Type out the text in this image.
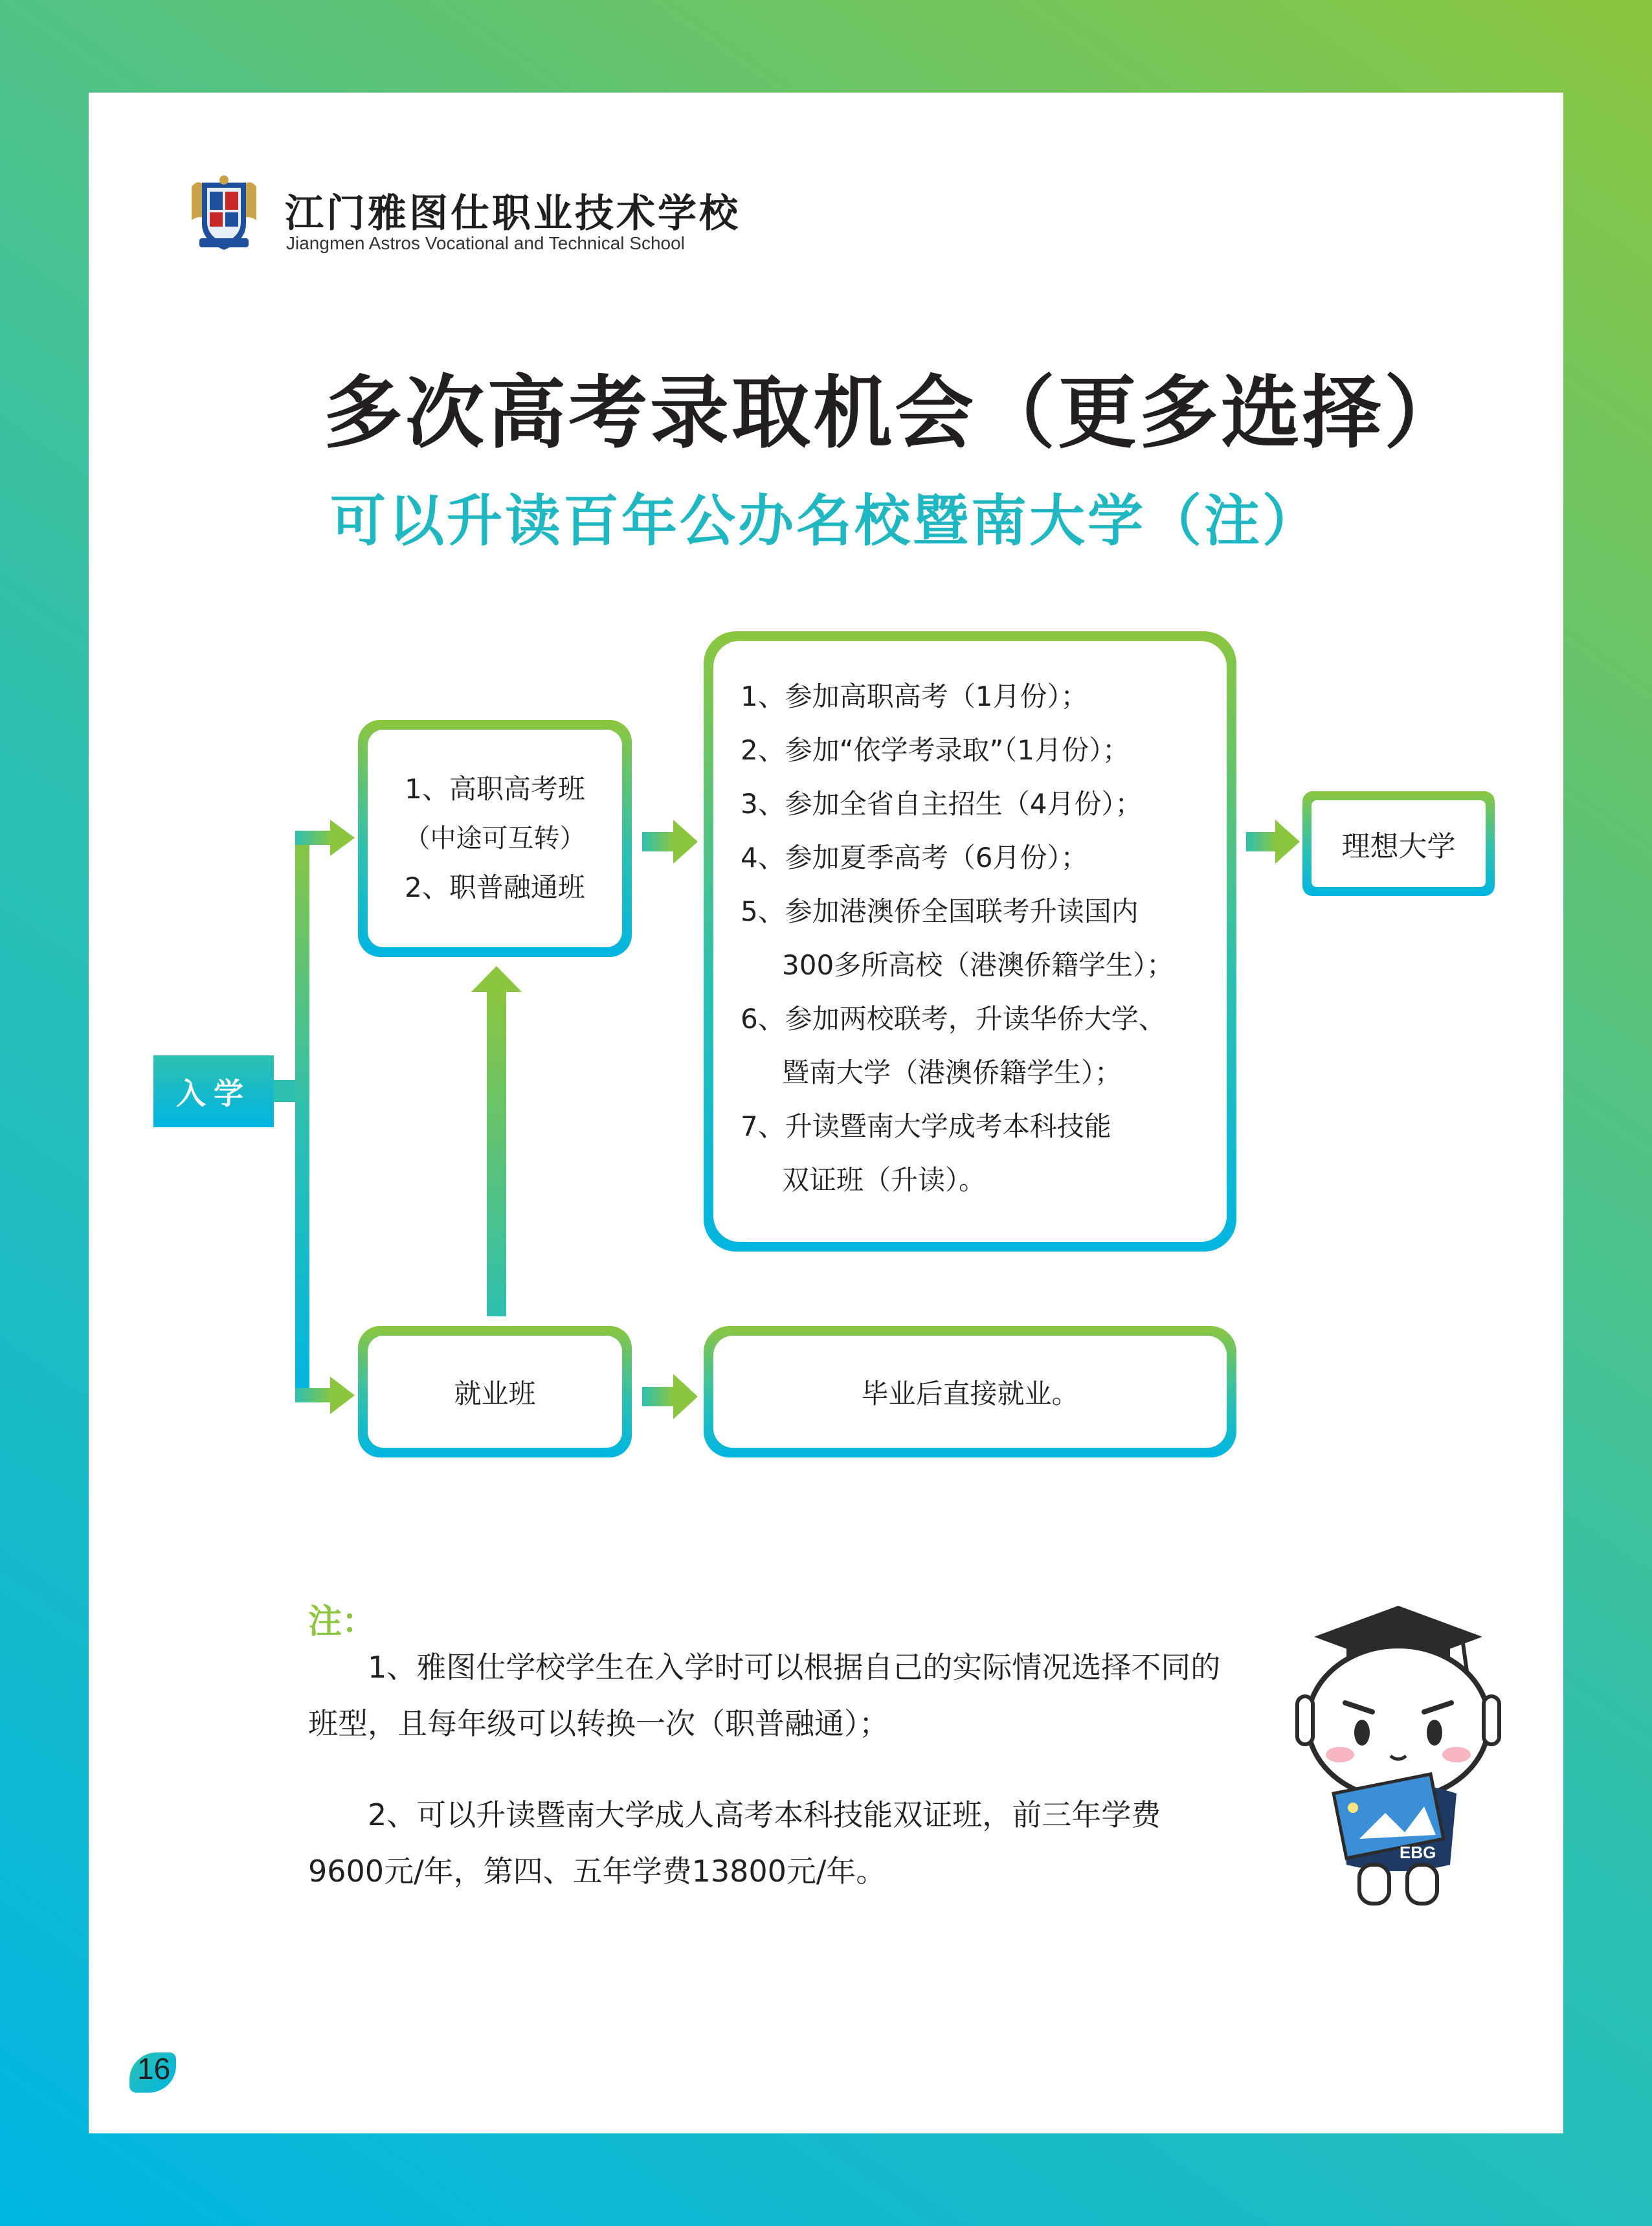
江门雅图仕职业技术学校
Jiangmen Astros Vocational and Technical School
多次高考录取机会（更多选择）
可以升读百年公办名校暨南大学（注）
入学
1、高职高考班
（中途可互转）
2、职普融通班
1、参加高职高考（1月份）；
2、参加“依学考录取”（1月份）；
3、参加全省自主招生（4月份）；
4、参加夏季高考（6月份）；
5、参加港澳侨全国联考升读国内
300多所高校（港澳侨籍学生）；
6、参加两校联考，升读华侨大学、
暨南大学（港澳侨籍学生）；
7、升读暨南大学成考本科技能
双证班（升读）。
理想大学
就业班	毕业后直接就业。
注：
1、雅图仕学校学生在入学时可以根据自己的实际情况选择不同的班型，且每年级可以转换一次（职普融通）；
2、可以升读暨南大学成人高考本科技能双证班，前三年学费9600元/年，第四、五年学费13800元/年。
EBG
16
